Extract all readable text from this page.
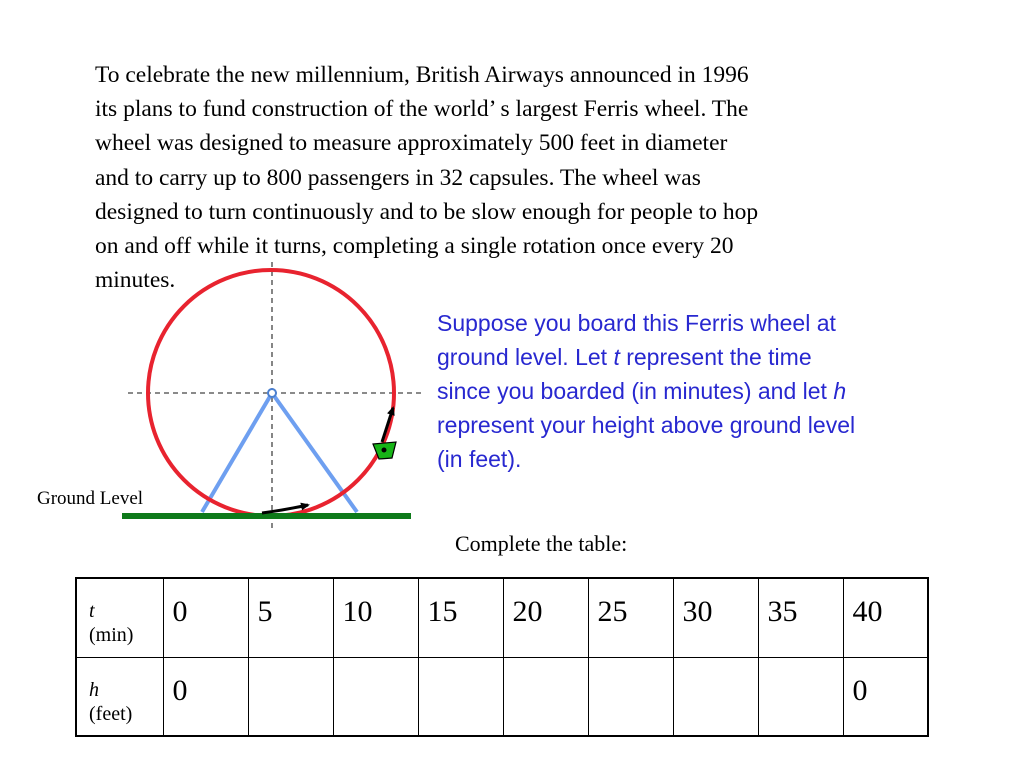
To celebrate the new millennium, British Airways announced in 1996
its plans to fund construction of the world’ s largest Ferris wheel. The
wheel was designed to measure approximately 500 feet in diameter
and to carry up to 800 passengers in 32 capsules. The wheel was
designed to turn continuously and to be slow enough for people to hop
on and off while it turns, completing a single rotation once every 20
minutes.
Ground Level
Suppose you board this Ferris wheel at
ground level. Let t represent the time
since you boarded (in minutes) and let h
represent your height above ground level
(in feet).
Complete the table:
t
(min)	0	5	10	15	20	25	30	35	40
h
(feet)	0								0
